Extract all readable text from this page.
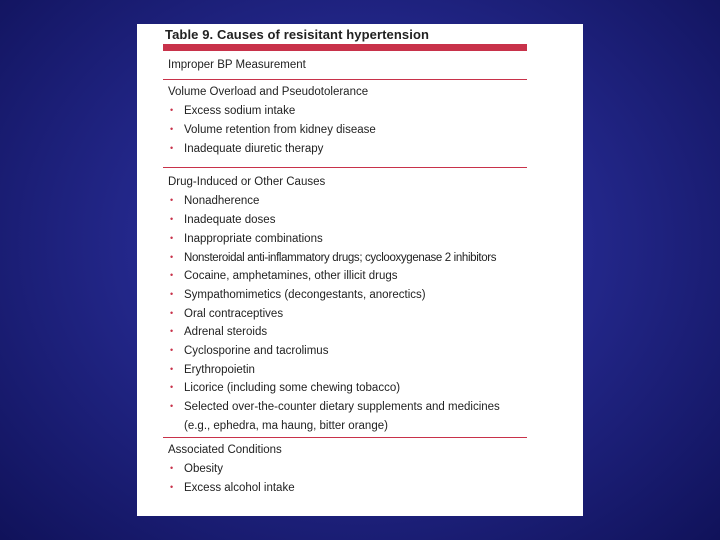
Table 9. Causes of resisitant hypertension
Improper BP Measurement
Volume Overload and Pseudotolerance
• Excess sodium intake
• Volume retention from kidney disease
• Inadequate diuretic therapy
Drug-Induced or Other Causes
• Nonadherence
• Inadequate doses
• Inappropriate combinations
• Nonsteroidal anti-inflammatory drugs; cyclooxygenase 2 inhibitors
• Cocaine, amphetamines, other illicit drugs
• Sympathomimetics (decongestants, anorectics)
• Oral contraceptives
• Adrenal steroids
• Cyclosporine and tacrolimus
• Erythropoietin
• Licorice (including some chewing tobacco)
• Selected over-the-counter dietary supplements and medicines
(e.g., ephedra, ma haung, bitter orange)
Associated Conditions
• Obesity
• Excess alcohol intake
